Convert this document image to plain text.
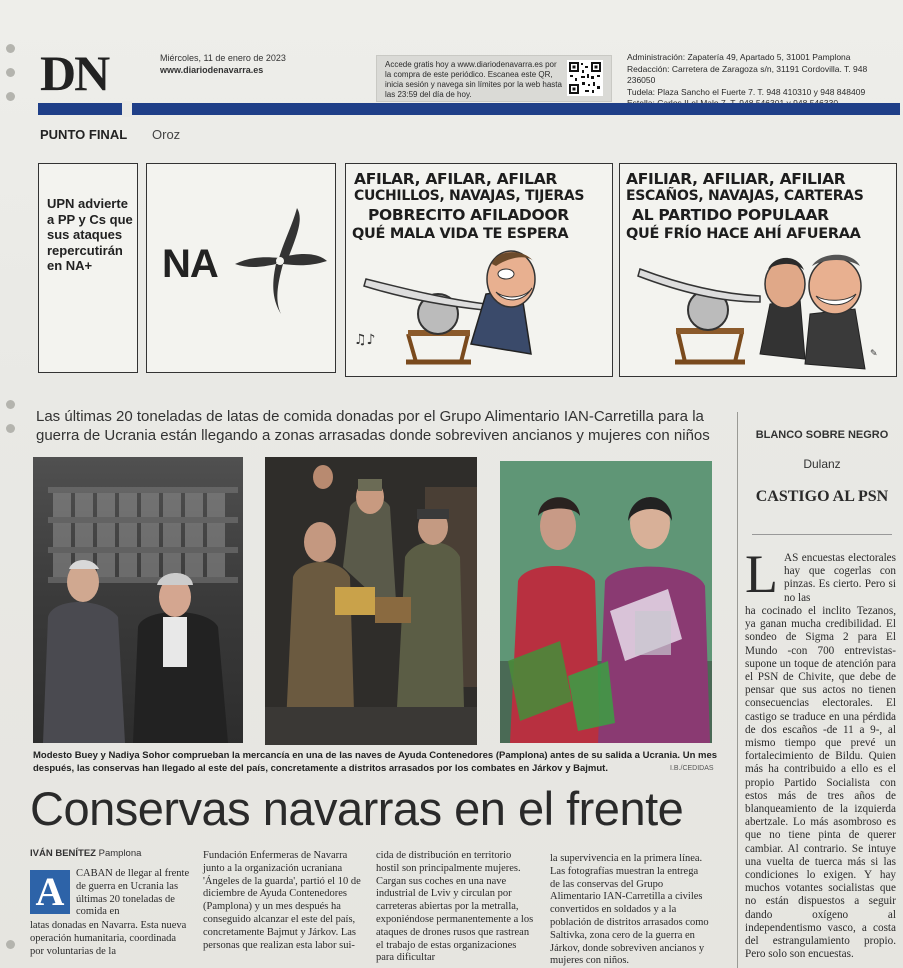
DN	Miércoles, 11 de enero de 2023
www.diariodenavarra.es
Accede gratis hoy a www.diariodenavarra.es por la compra de este periódico. Escanea este QR, inicia sesión y navega sin límites por la web hasta las 23:59 del día de hoy.
Administración: Zapatería 49, Apartado 5, 31001 Pamplona
Redacción: Carretera de Zaragoza s/n, 31191 Cordovilla. T. 948 236050
Tudela: Plaza Sancho el Fuerte 7. T. 948 410310 y 948 848409
PUNTO FINAL Oroz
UPN advierte a PP y Cs que sus ataques repercutirán en NA+	NA
AFILAR, AFILAR, AFILAR
CUCHILLOS, NAVAJAS, TIJERAS
POBRECITO AFILADOOR
QUÉ MALA VIDA TE ESPERA
♫♪
AFILIAR, AFILIAR, AFILIAR
ESCAÑOS, NAVAJAS, CARTERAS
AL PARTIDO POPULAAR
QUÉ FRÍO HACE AHÍ AFUERAA
✎
Las últimas 20 toneladas de latas de comida donadas por el Grupo Alimentario IAN-Carretilla para la guerra de Ucrania están llegando a zonas arrasadas donde sobreviven ancianos y mujeres con niños
Modesto Buey y Nadiya Sohor comprueban la mercancía en una de las naves de Ayuda Contenedores (Pamplona) antes de su salida a Ucrania. Un mes después, las conservas han llegado al este del país, concretamente a distritos arrasados por los combates en Járkov y Bajmut.	I.B./CEDIDAS
Conservas navarras en el frente
IVÁN BENÍTEZ Pamplona
A	CABAN de llegar al frente de guerra en Ucrania las últimas 20 toneladas de comida en
latas donadas en Navarra. Esta nueva operación humanitaria, coordinada por voluntarias de la
Fundación Enfermeras de Navarra junto a la organización ucraniana 'Ángeles de la guarda', partió el 10 de diciembre de Ayuda Contenedores (Pamplona) y un mes después ha conseguido alcanzar el este del país, concretamente Bajmut y Járkov. Las personas que realizan esta labor sui-
cida de distribución en territorio hostil son principalmente mujeres. Cargan sus coches en una nave industrial de Lviv y circulan por carreteras abiertas por la metralla, exponiéndose permanentemente a los ataques de drones rusos que rastrean el trabajo de estas organizaciones para dificultar
la supervivencia en la primera línea. Las fotografías muestran la entrega de las conservas del Grupo Alimentario IAN-Carretilla a civiles convertidos en soldados y a la población de distritos arrasados como Saltivka, zona cero de la guerra en Járkov, donde sobreviven ancianos y mujeres con niños.
BLANCO SOBRE NEGRO
Dulanz
CASTIGO AL PSN
L AS encuestas electorales hay que cogerlas con pinzas. Es cierto. Pero si no las
ha cocinado el inclito Tezanos, ya ganan mucha credibilidad. El sondeo de Sigma 2 para El Mundo -con 700 entrevistas- supone un toque de atención para el PSN de Chivite, que debe de pensar que sus actos no tienen consecuencias electorales. El castigo se traduce en una pérdida de dos escaños -de 11 a 9-, al mismo tiempo que prevé un fortalecimiento de Bildu. Quien más ha contribuido a ello es el propio Partido Socialista con estos más de tres años de blanqueamiento de la izquierda abertzale. Lo más asombroso es que no tiene pinta de querer cambiar. Al contrario. Se intuye una vuelta de tuerca más si las condiciones lo exigen. Y hay muchos votantes socialistas que no están dispuestos a seguir dando oxígeno al independentismo vasco, a costa del estrangulamiento propio. Pero solo son encuestas.
